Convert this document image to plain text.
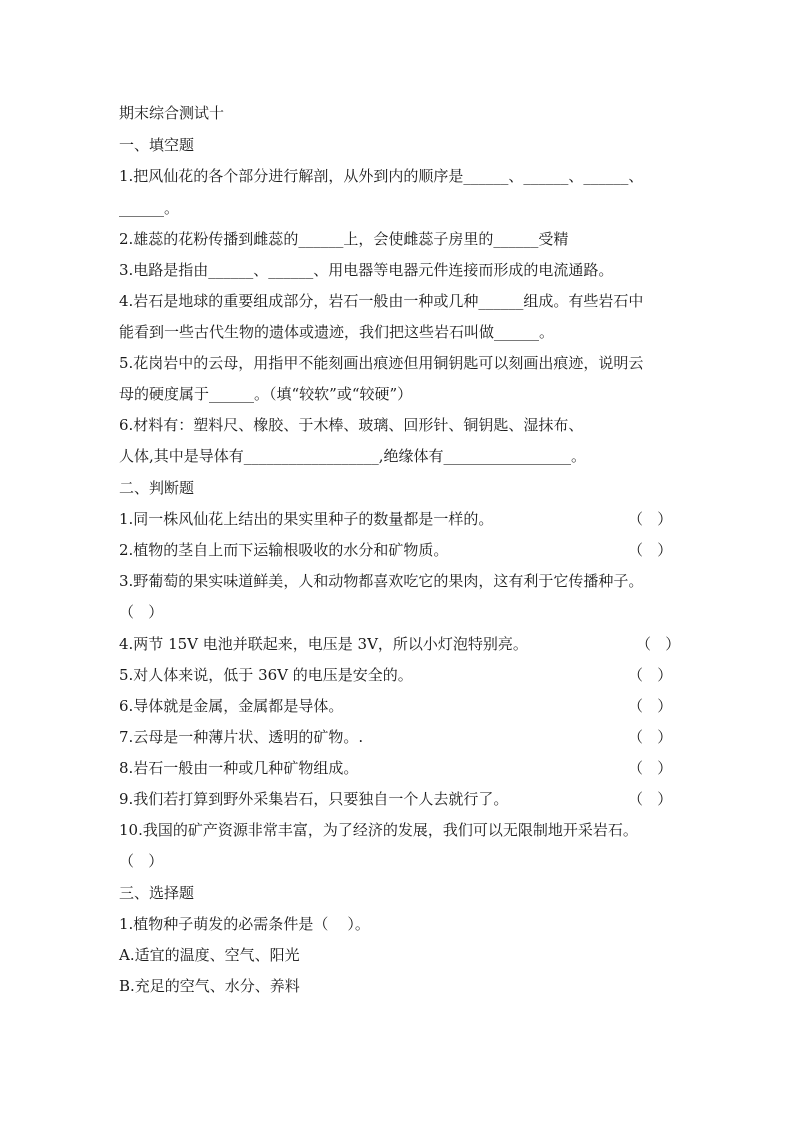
期末综合测试十
一、填空题
1.把风仙花的各个部分进行解剖，从外到内的顺序是______、______、______、
______。
2.雄蕊的花粉传播到雌蕊的______上，会使雌蕊子房里的______受精
3.电路是指由______、______、用电器等电器元件连接而形成的电流通路。
4.岩石是地球的重要组成部分，岩石一般由一种或几种______组成。有些岩石中
能看到一些古代生物的遗体或遗迹，我们把这些岩石叫做______。
5.花岗岩中的云母，用指甲不能刻画出痕迹但用铜钥匙可以刻画出痕迹，说明云
母的硬度属于______。（填“较软”或“较硬”）
6.材料有：塑料尺、橡胶、于木棒、玻璃、回形针、铜钥匙、湿抹布、
人体,其中是导体有__________________,绝缘体有_________________。
二、判断题
1.同一株风仙花上结出的果实里种子的数量都是一样的。	（   ）
2.植物的茎自上而下运输根吸收的水分和矿物质。	（   ）
3.野葡萄的果实味道鲜美，人和动物都喜欢吃它的果肉，这有利于它传播种子。
（   ）
4.两节 15V 电池并联起来，电压是 3V，所以小灯泡特别亮。	（   ）
5.对人体来说，低于 36V 的电压是安全的。	（   ）
6.导体就是金属，金属都是导体。	（   ）
7.云母是一种薄片状、透明的矿物。.	（   ）
8.岩石一般由一种或几种矿物组成。	（   ）
9.我们若打算到野外采集岩石，只要独自一个人去就行了。	（   ）
10.我国的矿产资源非常丰富，为了经济的发展，我们可以无限制地开采岩石。
（   ）
三、选择题
1.植物种子萌发的必需条件是（    ）。
A.适宜的温度、空气、阳光
B.充足的空气、水分、养料
